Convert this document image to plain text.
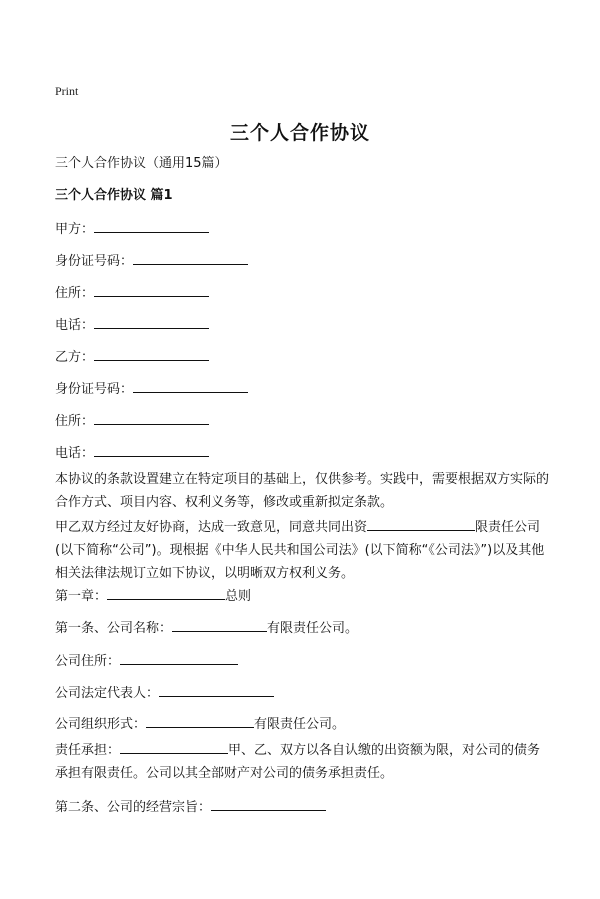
Print
三个人合作协议
三个人合作协议（通用15篇）
三个人合作协议 篇1
甲方：
身份证号码：
住所：
电话：
乙方：
身份证号码：
住所：
电话：
本协议的条款设置建立在特定项目的基础上，仅供参考。实践中，需要根据双方实际的合作方式、项目内容、权利义务等，修改或重新拟定条款。
甲乙双方经过友好协商，达成一致意见，同意共同出资	限责任公司(以下简称“公司”)。现根据《中华人民共和国公司法》(以下简称“《公司法》”)以及其他相关法律法规订立如下协议，以明晰双方权利义务。
第一章：	总则
第一条、公司名称：	有限责任公司。
公司住所：
公司法定代表人：
公司组织形式：	有限责任公司。
责任承担：	甲、乙、双方以各自认缴的出资额为限，对公司的债务承担有限责任。公司以其全部财产对公司的债务承担责任。
第二条、公司的经营宗旨：
